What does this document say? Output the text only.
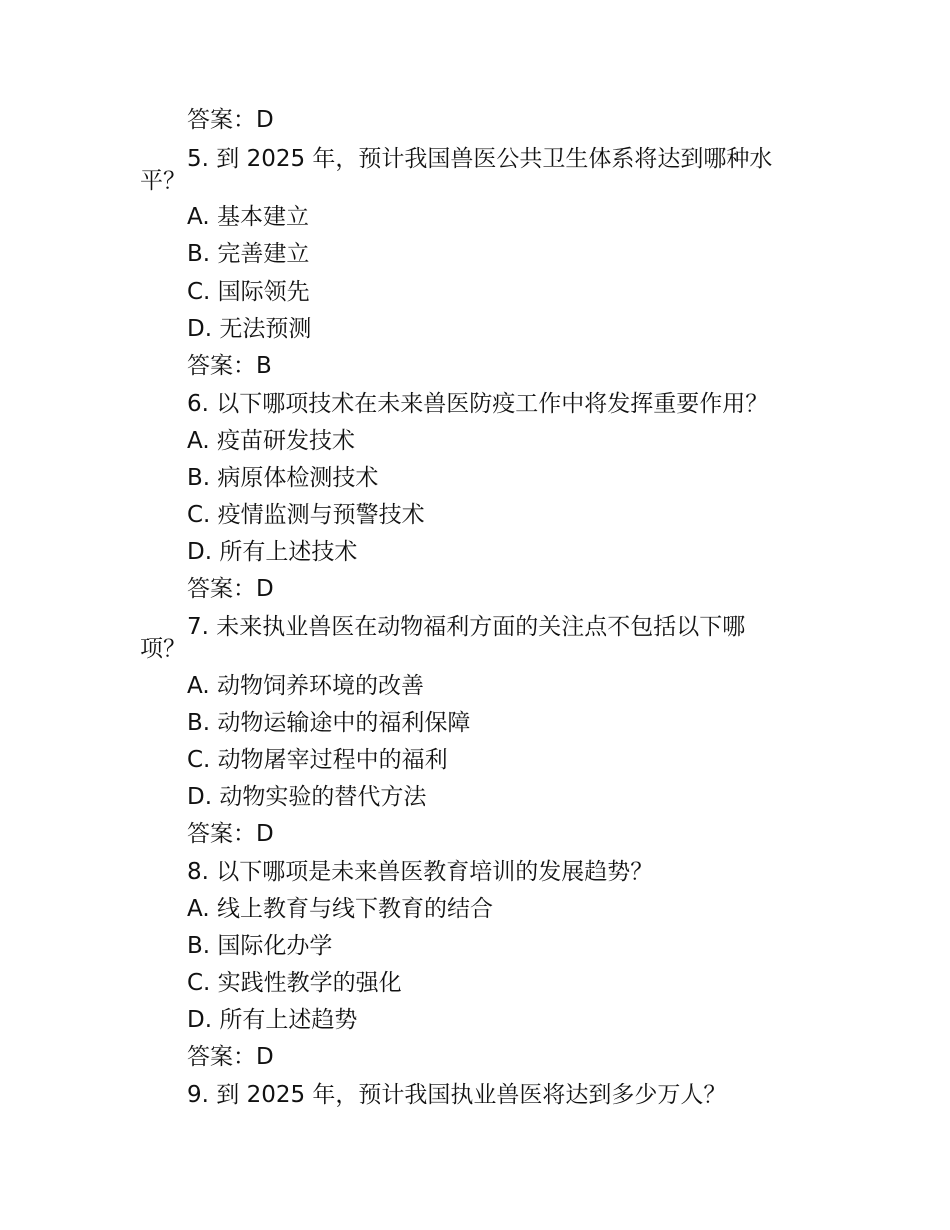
答案：D
5. 到 2025 年，预计我国兽医公共卫生体系将达到哪种水
平？
A. 基本建立
B. 完善建立
C. 国际领先
D. 无法预测
答案：B
6. 以下哪项技术在未来兽医防疫工作中将发挥重要作用？
A. 疫苗研发技术
B. 病原体检测技术
C. 疫情监测与预警技术
D. 所有上述技术
答案：D
7. 未来执业兽医在动物福利方面的关注点不包括以下哪
项？
A. 动物饲养环境的改善
B. 动物运输途中的福利保障
C. 动物屠宰过程中的福利
D. 动物实验的替代方法
答案：D
8. 以下哪项是未来兽医教育培训的发展趋势？
A. 线上教育与线下教育的结合
B. 国际化办学
C. 实践性教学的强化
D. 所有上述趋势
答案：D
9. 到 2025 年，预计我国执业兽医将达到多少万人？
